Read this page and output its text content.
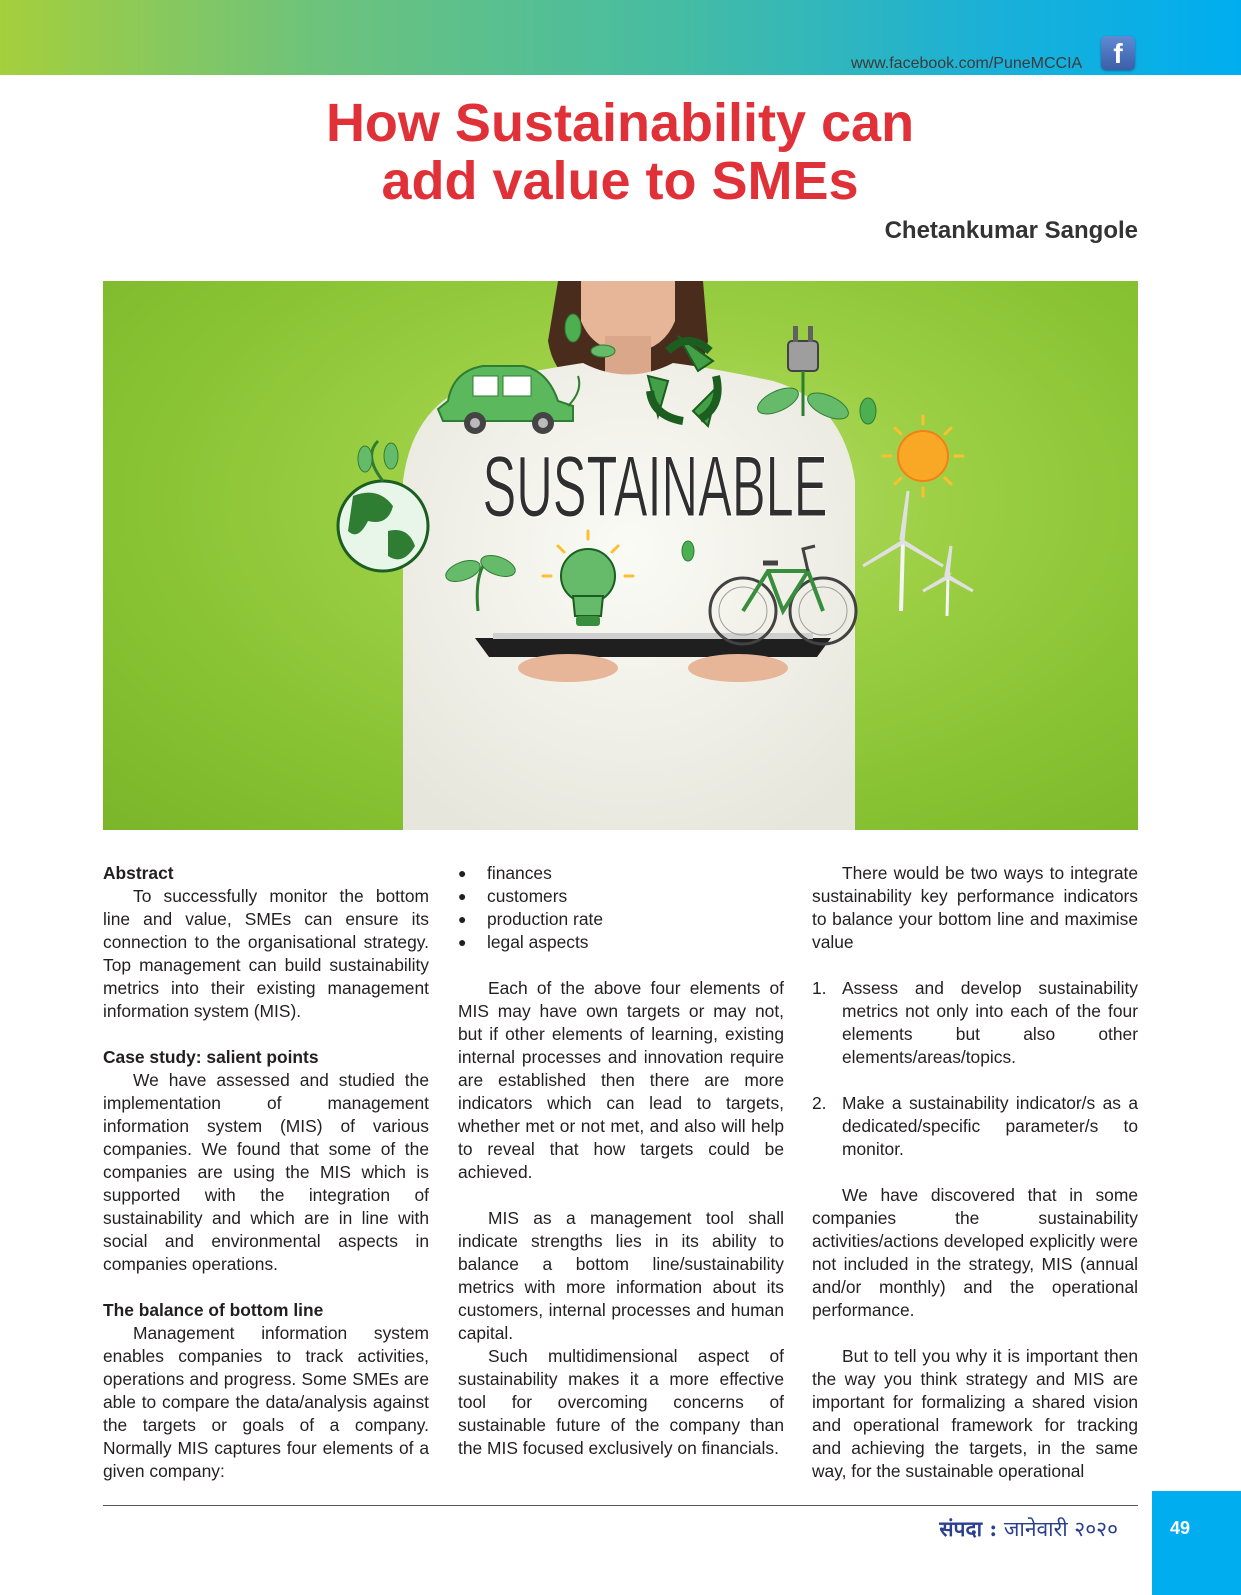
www.facebook.com/PuneMCCIA	f
How Sustainability can
add value to SMEs
Chetankumar Sangole
SUSTAINABLE
Abstract

To successfully monitor the bottom line and value, SMEs can ensure its connection to the organisational strategy. Top management can build sustainability metrics into their existing management information system (MIS).

Case study: salient points

We have assessed and studied the implementation of management information system (MIS) of various companies. We found that some of the companies are using the MIS which is supported with the integration of sustainability and which are in line with social and environmental aspects in companies operations.

The balance of bottom line

Management information system enables companies to track activities, operations and progress. Some SMEs are able to compare the data/analysis against the targets or goals of a company. Normally MIS captures four elements of a given company:

● finances
● customers
● production rate
● legal aspects

Each of the above four elements of MIS may have own targets or may not, but if other elements of learning, existing internal processes and innovation require are established then there are more indicators which can lead to targets, whether met or not met, and also will help to reveal that how targets could be achieved.

MIS as a management tool shall indicate strengths lies in its ability to balance a bottom line/sustainability metrics with more information about its customers, internal processes and human capital.

Such multidimensional aspect of sustainability makes it a more effective tool for overcoming concerns of sustainable future of the company than the MIS focused exclusively on financials.

There would be two ways to integrate sustainability key performance indicators to balance your bottom line and maximise value

1. Assess and develop sustainability metrics not only into each of the four elements but also other elements/areas/topics.
2. Make a sustainability indicator/s as a dedicated/specific parameter/s to monitor.

We have discovered that in some companies the sustainability activities/actions developed explicitly were not included in the strategy, MIS (annual and/or monthly) and the operational performance.

But to tell you why it is important then the way you think strategy and MIS are important for formalizing a shared vision and operational framework for tracking and achieving the targets, in the same way, for the sustainable operational

संपदा : जानेवारी २०२०	49
